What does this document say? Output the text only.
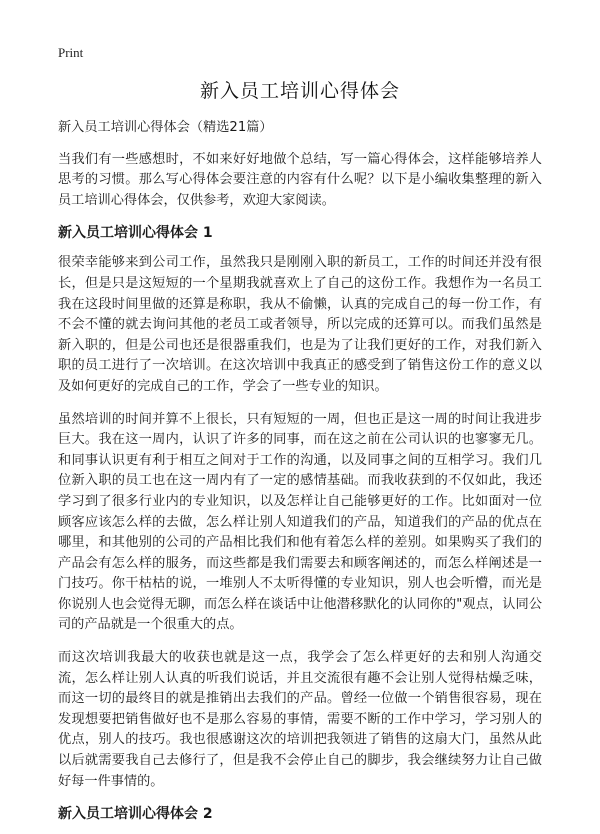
Print
新入员工培训心得体会

新入员工培训心得体会（精选21篇）

当我们有一些感想时，不如来好好地做个总结，写一篇心得体会，这样能够培养人思考的习惯。那么写心得体会要注意的内容有什么呢？以下是小编收集整理的新入员工培训心得体会，仅供参考，欢迎大家阅读。

新入员工培训心得体会 1

很荣幸能够来到公司工作，虽然我只是刚刚入职的新员工，工作的时间还并没有很长，但是只是这短短的一个星期我就喜欢上了自己的这份工作。我想作为一名员工我在这段时间里做的还算是称职，我从不偷懒，认真的完成自己的每一份工作，有不会不懂的就去询问其他的老员工或者领导，所以完成的还算可以。而我们虽然是新入职的，但是公司也还是很器重我们，也是为了让我们更好的工作，对我们新入职的员工进行了一次培训。在这次培训中我真正的感受到了销售这份工作的意义以及如何更好的完成自己的工作，学会了一些专业的知识。

虽然培训的时间并算不上很长，只有短短的一周，但也正是这一周的时间让我进步巨大。我在这一周内，认识了许多的同事，而在这之前在公司认识的也寥寥无几。和同事认识更有利于相互之间对于工作的沟通，以及同事之间的互相学习。我们几位新入职的员工也在这一周内有了一定的感情基础。而我收获到的不仅如此，我还学习到了很多行业内的专业知识，以及怎样让自己能够更好的工作。比如面对一位顾客应该怎么样的去做，怎么样让别人知道我们的产品，知道我们的产品的优点在哪里，和其他别的公司的产品相比我们和他有着怎么样的差别。如果购买了我们的产品会有怎么样的服务，而这些都是我们需要去和顾客阐述的，而怎么样阐述是一门技巧。你干枯枯的说，一堆别人不太听得懂的专业知识，别人也会听懵，而光是你说别人也会觉得无聊，而怎么样在谈话中让他潜移默化的认同你的"观点，认同公司的产品就是一个很重大的点。

而这次培训我最大的收获也就是这一点，我学会了怎么样更好的去和别人沟通交流，怎么样让别人认真的听我们说话，并且交流很有趣不会让别人觉得枯燥乏味，而这一切的最终目的就是推销出去我们的产品。曾经一位做一个销售很容易，现在发现想要把销售做好也不是那么容易的事情，需要不断的工作中学习，学习别人的优点，别人的技巧。我也很感谢这次的培训把我领进了销售的这扇大门，虽然从此以后就需要我自己去修行了，但是我不会停止自己的脚步，我会继续努力让自己做好每一件事情的。

新入员工培训心得体会 2
